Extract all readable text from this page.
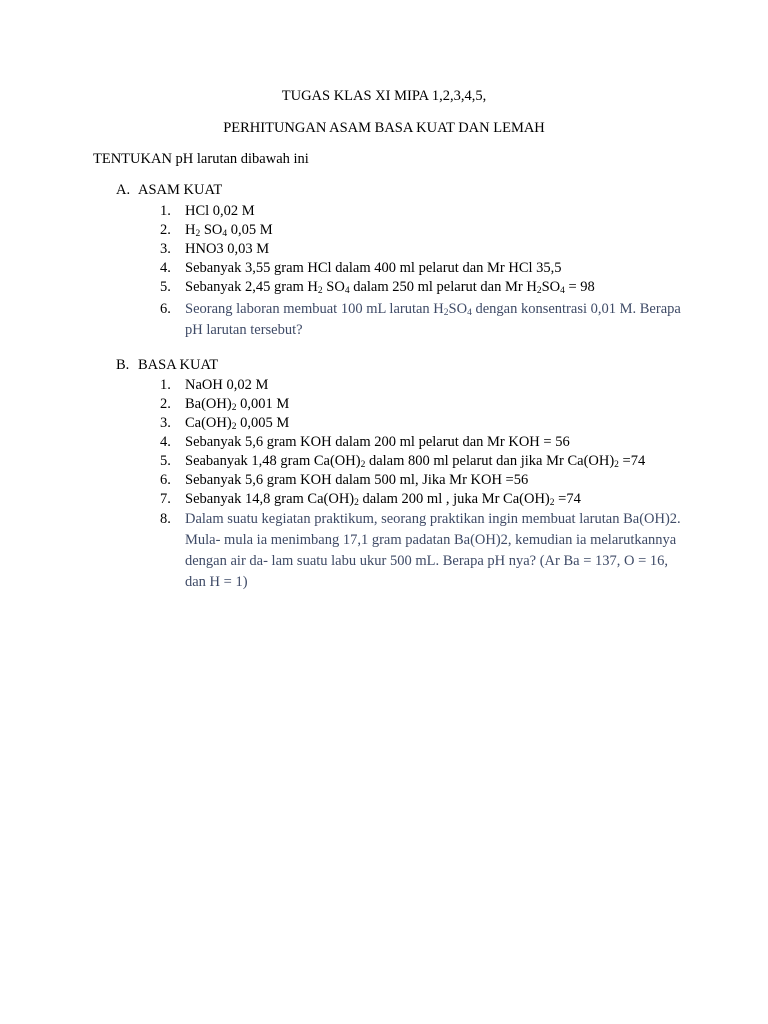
TUGAS KLAS XI MIPA 1,2,3,4,5,
PERHITUNGAN ASAM BASA KUAT DAN LEMAH
TENTUKAN pH larutan dibawah ini
A. ASAM KUAT
1. HCl 0,02 M
2. $H_2$ $SO_4$ 0,05 M
3. HNO3 0,03 M
4. Sebanyak 3,55 gram HCl dalam 400 ml pelarut dan Mr HCl 35,5
5. Sebanyak 2,45 gram $H_2$ $SO_4$ dalam 250 ml pelarut dan Mr $H_2SO_4 = 98$
6. Seorang laboran membuat 100 mL larutan $H_2SO_4$ dengan konsentrasi 0,01 M. Berapa pH larutan tersebut?
B. BASA KUAT
1. NaOH 0,02 M
2. $Ba(OH)_2$ 0,001 M
3. $Ca(OH)_2$ 0,005 M
4. Sebanyak 5,6 gram KOH dalam 200 ml pelarut dan Mr KOH = 56
5. Seabanyak 1,48 gram $Ca(OH)_2$ dalam 800 ml pelarut dan jika Mr $Ca(OH)_2 =74$
6. Sebanyak 5,6 gram KOH dalam 500 ml, Jika Mr KOH =56
7. Sebanyak 14,8 gram $Ca(OH)_2$ dalam 200 ml , juka Mr $Ca(OH)_2 =74$
8. Dalam suatu kegiatan praktikum, seorang praktikan ingin membuat larutan Ba(OH)2. Mula- mula ia menimbang 17,1 gram padatan Ba(OH)2, kemudian ia melarutkannya dengan air da- lam suatu labu ukur 500 mL. Berapa pH nya? (Ar Ba = 137, O = 16, dan H = 1)
